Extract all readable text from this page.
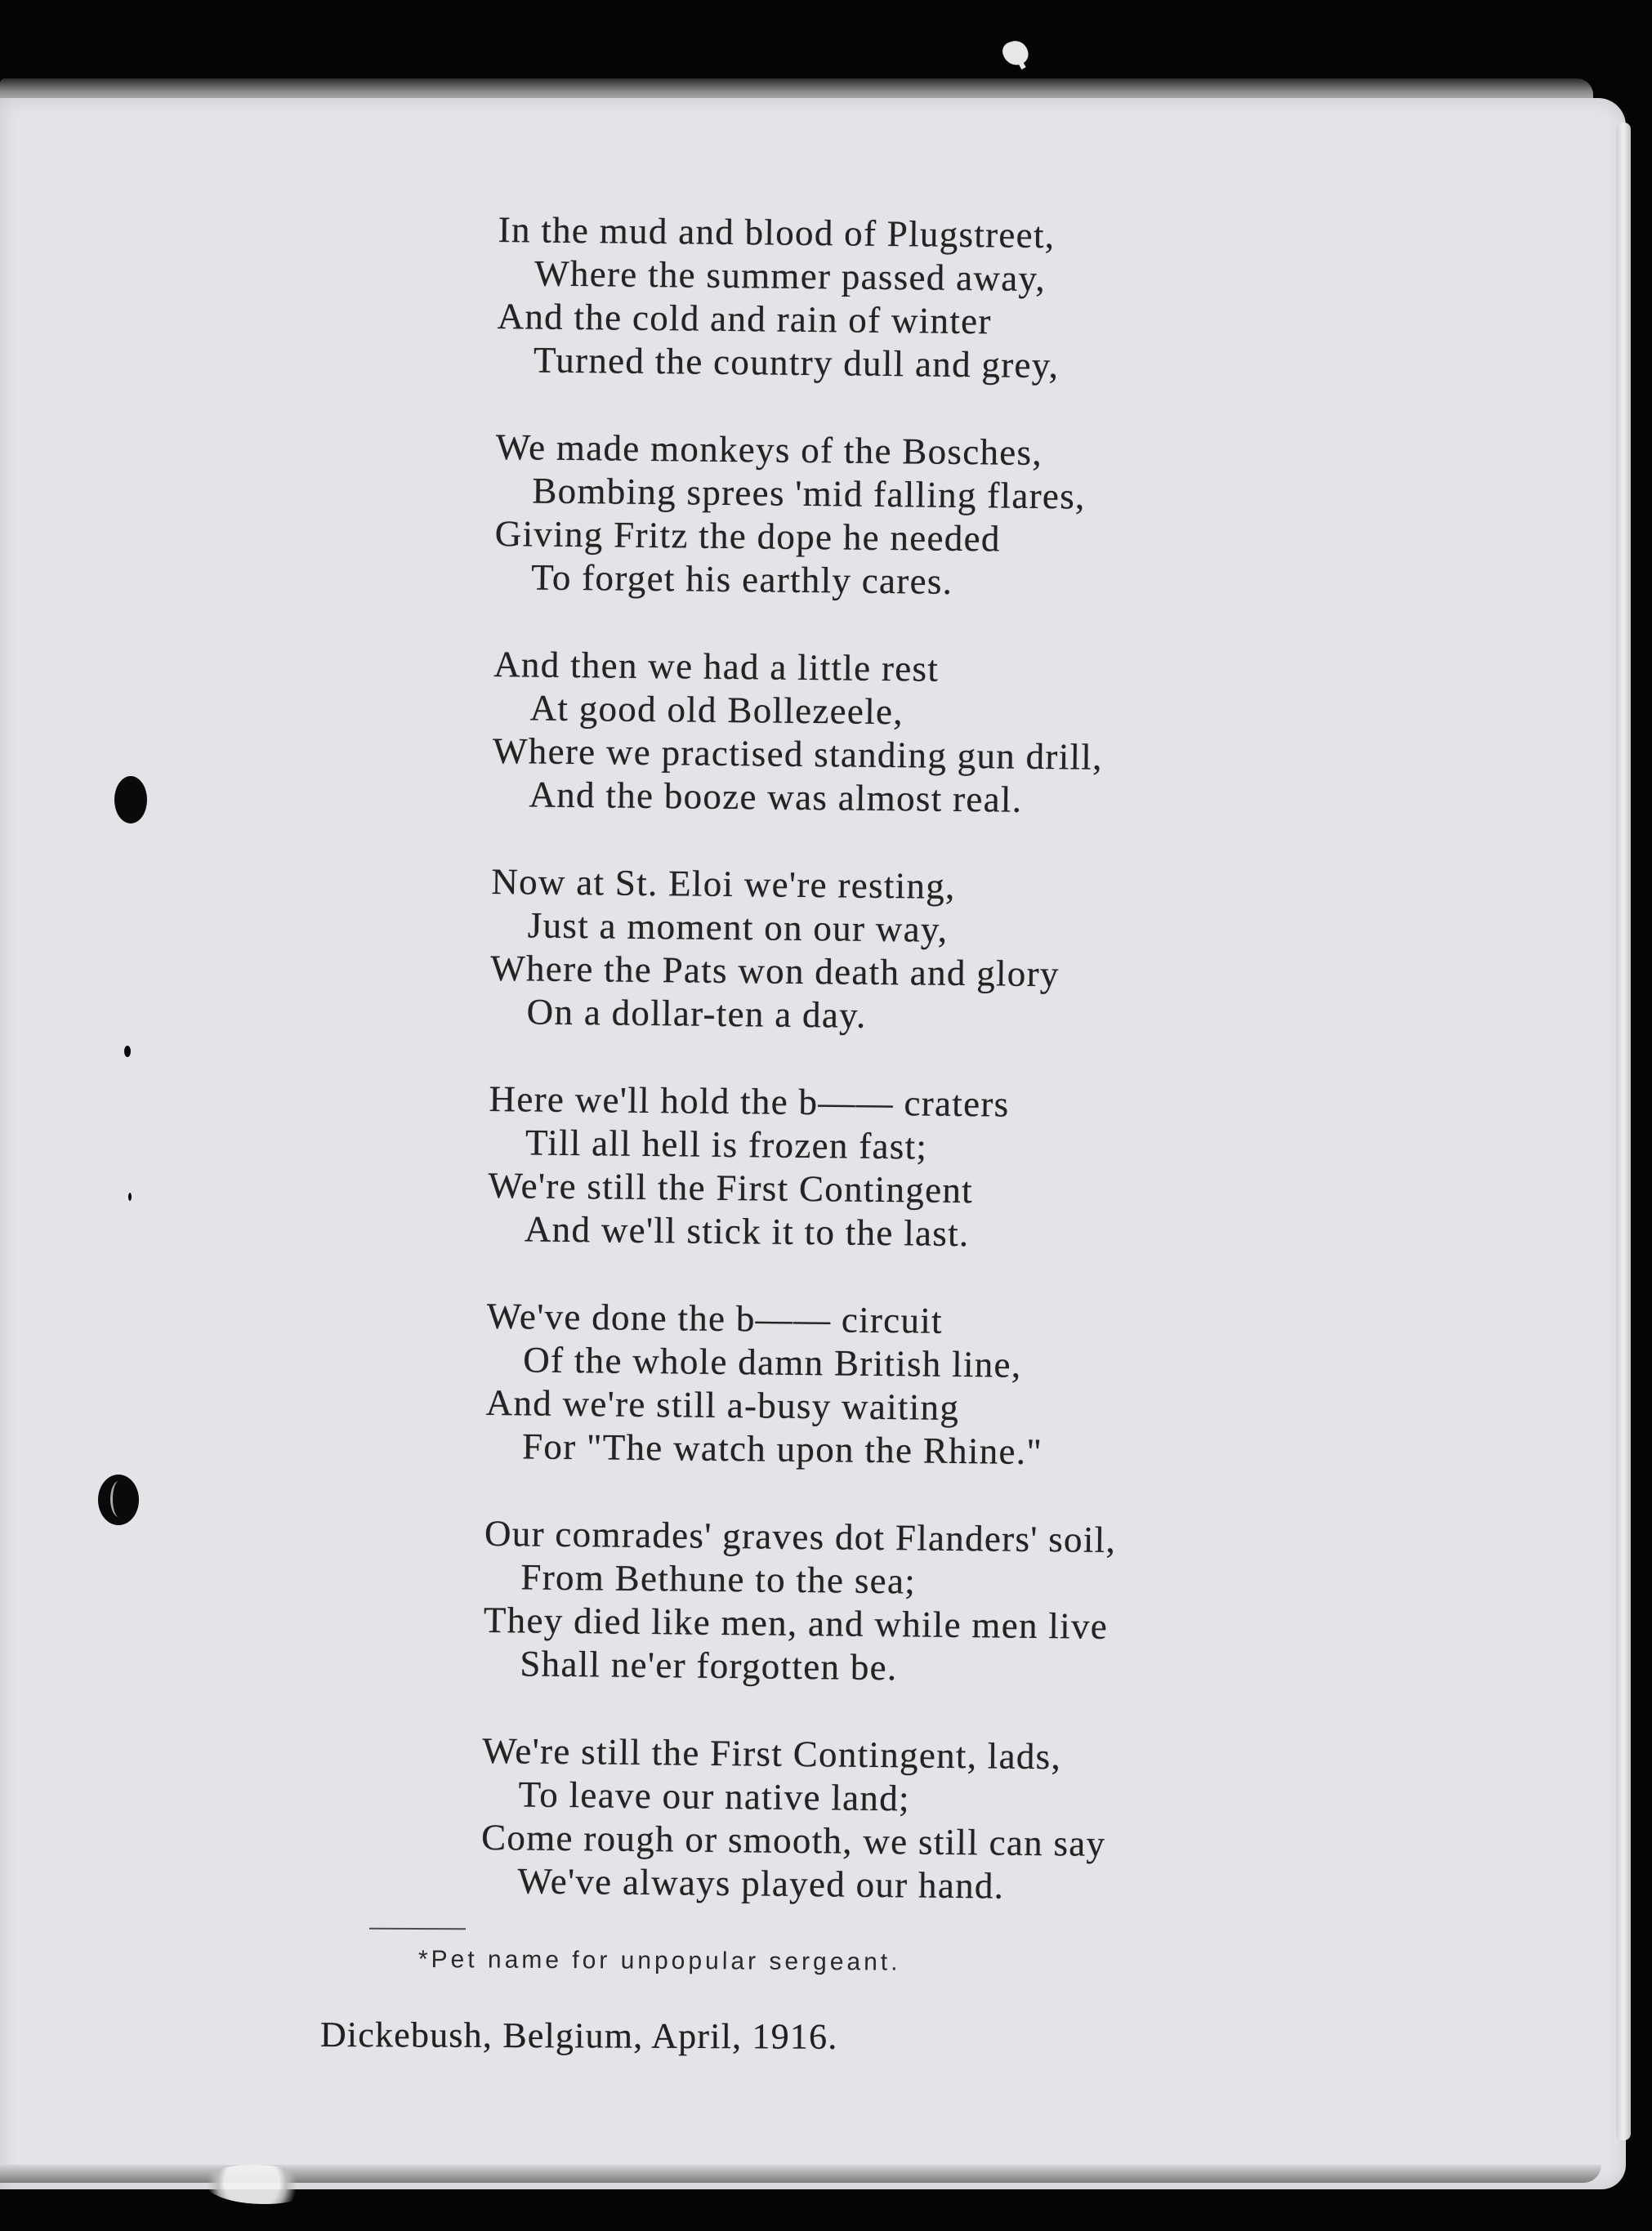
In the mud and blood of Plugstreet,
Where the summer passed away,
And the cold and rain of winter
Turned the country dull and grey,
We made monkeys of the Bosches,
Bombing sprees 'mid falling flares,
Giving Fritz the dope he needed
To forget his earthly cares.
And then we had a little rest
At good old Bollezeele,
Where we practised standing gun drill,
And the booze was almost real.
Now at St. Eloi we're resting,
Just a moment on our way,
Where the Pats won death and glory
On a dollar-ten a day.
Here we'll hold the b—— craters
Till all hell is frozen fast;
We're still the First Contingent
And we'll stick it to the last.
We've done the b—— circuit
Of the whole damn British line,
And we're still a-busy waiting
For "The watch upon the Rhine."
Our comrades' graves dot Flanders' soil,
From Bethune to the sea;
They died like men, and while men live
Shall ne'er forgotten be.
We're still the First Contingent, lads,
To leave our native land;
Come rough or smooth, we still can say
We've always played our hand.
*Pet name for unpopular sergeant.
Dickebush, Belgium, April, 1916.
